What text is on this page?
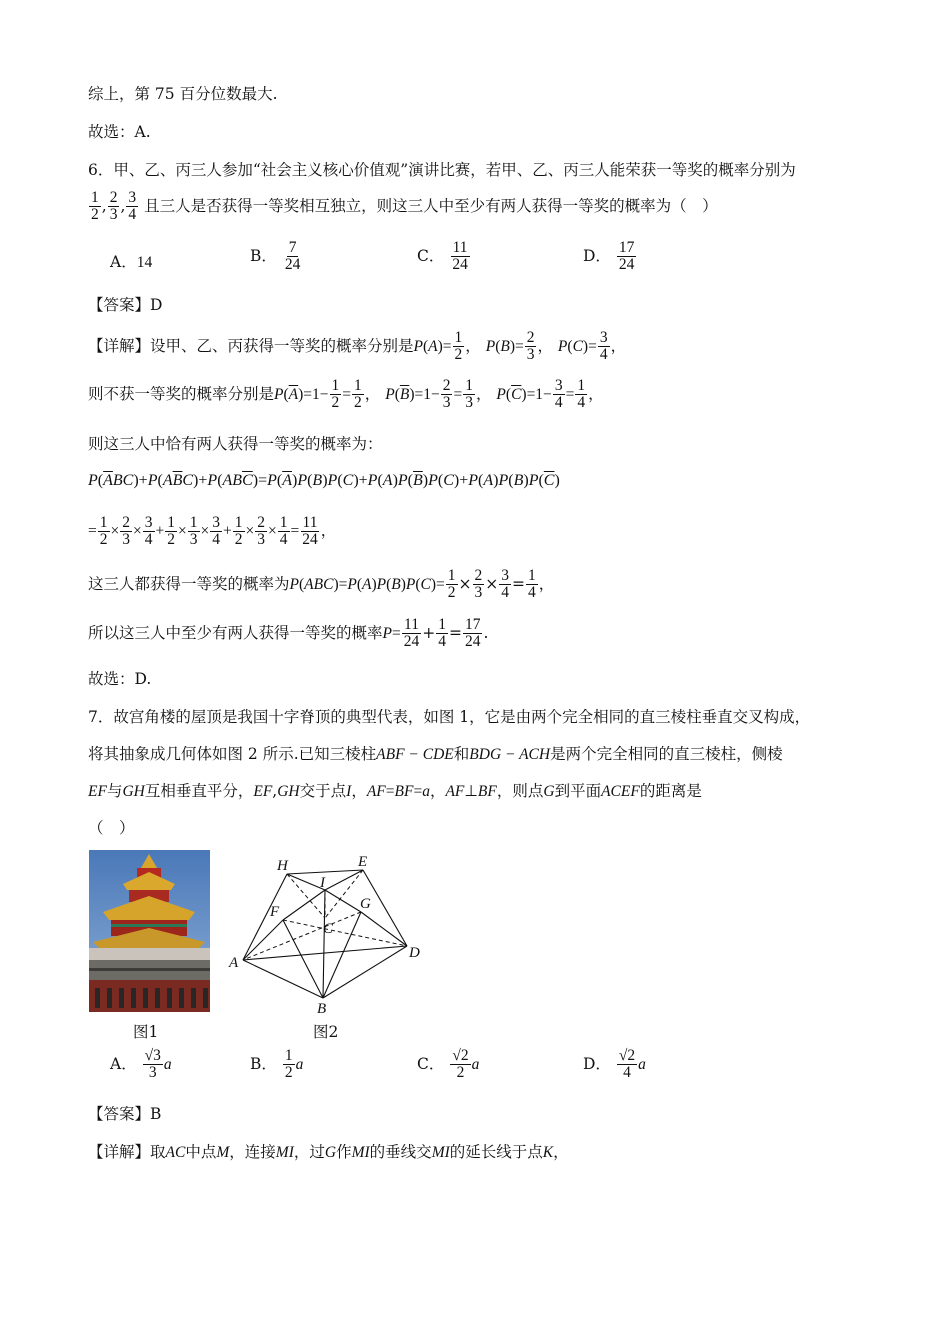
综上，第 75 百分位数最大.
故选：A.
6．甲、乙、丙三人参加“社会主义核心价值观”演讲比赛，若甲、乙、丙三人能荣获一等奖的概率分别为
$\frac{1}{2}$ , $\frac{2}{3}$ , $\frac{3}{4}$ 且三人是否获得一等奖相互独立，则这三人中至少有两人获得一等奖的概率为（　）
A．14	B． $\frac{7}{24}$	C． $\frac{11}{24}$	D． $\frac{17}{24}$
【答案】D
【详解】设甲、乙、丙获得一等奖的概率分别是$P(A)= \frac{1}{2}$ ， $P(B)= \frac{2}{3}$ ， $P(C)= \frac{3}{4}$ ，
则不获一等奖的概率分别是$P(\overline{A})=1- \frac{1}{2} = \frac{1}{2}$ ， $P(\overline{B})=1- \frac{2}{3} = \frac{1}{3}$ ， $P(\overline{C})=1- \frac{3}{4} = \frac{1}{4}$ ，
则这三人中恰有两人获得一等奖的概率为：
$P(\overline{A}BC)+P(A\overline{B}C)+P(AB\overline{C})=P(\overline{A})P(B)P(C)+P(A)P(\overline{B})P(C)+P(A)P(B)P(\overline{C})$
= $\frac{1}{2} \times \frac{2}{3} \times \frac{3}{4} + \frac{1}{2} \times \frac{1}{3} \times \frac{3}{4} + \frac{1}{2} \times \frac{2}{3} \times \frac{1}{4} = \frac{11}{24}$ ，
这三人都获得一等奖的概率为$P(ABC)=P(A)P(B)P(C)= \frac{1}{2} \times \frac{2}{3} \times \frac{3}{4} = \frac{1}{4}$ ，
所以这三人中至少有两人获得一等奖的概率$P= \frac{11}{24} + \frac{1}{4} = \frac{17}{24}$ .
故选：D.
7．故宫角楼的屋顶是我国十字脊顶的典型代表，如图 1，它是由两个完全相同的直三棱柱垂直交叉构成，
将其抽象成几何体如图 2 所示.已知三棱柱ABF − CDE和BDG − ACH是两个完全相同的直三棱柱，侧棱
EF与GH互相垂直平分，EF,GH交于点I，AF=BF=a，AF⊥BF，则点G到平面ACEF的距离是
（　）
图1
H	E
I
F	G
C
A
D
B
图2
A． $\frac{√3}{3}$ a	B． $\frac{1}{2}$ a	C． $\frac{√2}{2}$ a	D． $\frac{√2}{4}$ a
【答案】B
【详解】取AC中点M，连接MI，过G作MI的垂线交MI的延长线于点K，
